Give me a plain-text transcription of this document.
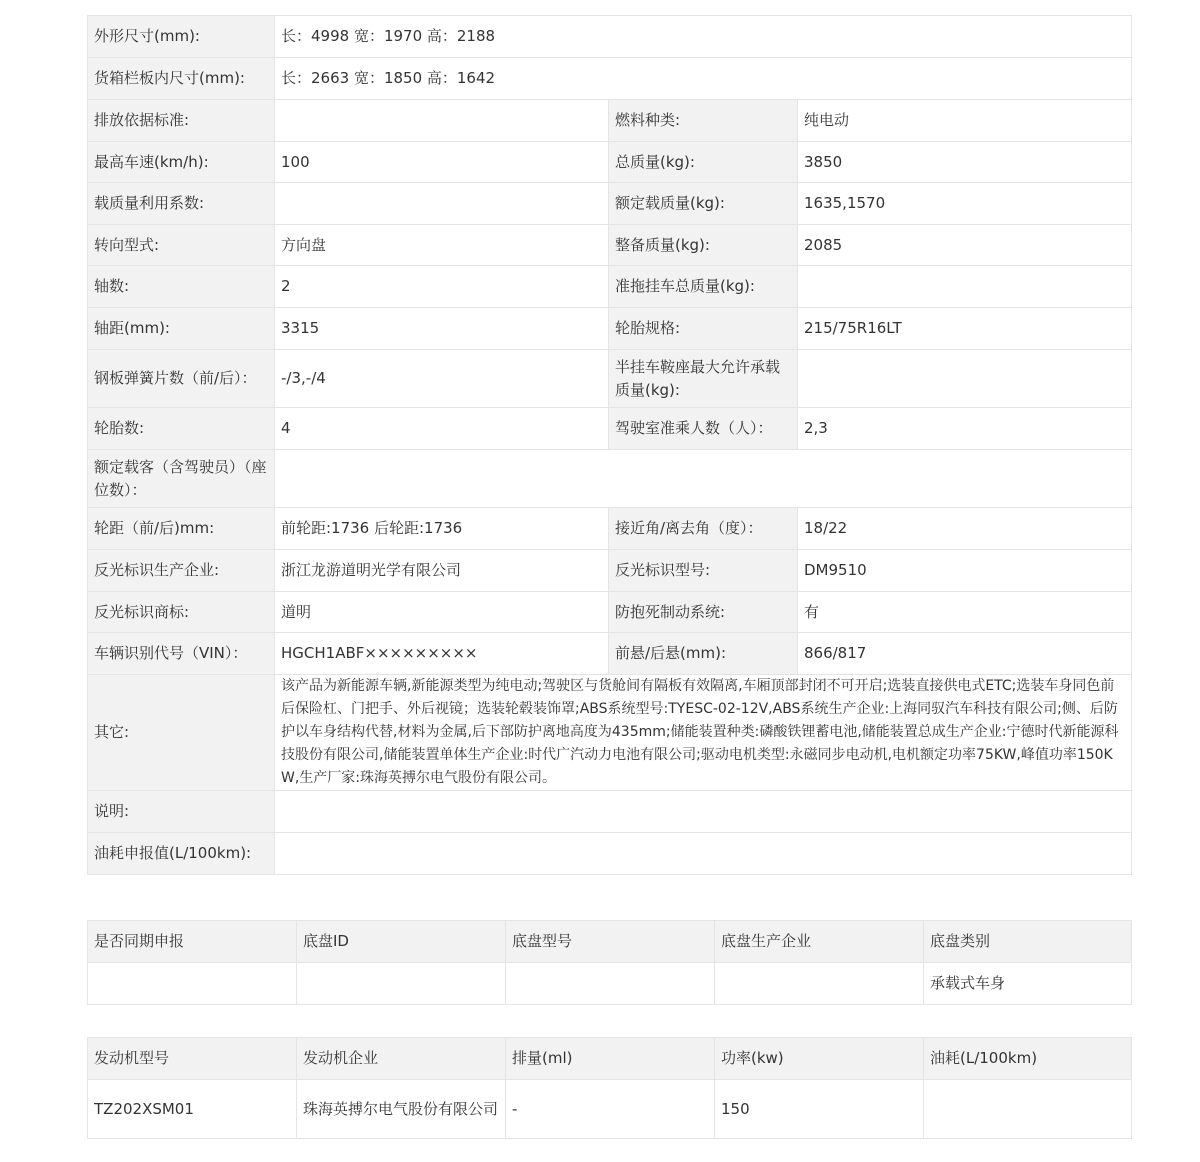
外形尺寸(mm):	长：4998 宽：1970 高：2188		
货箱栏板内尺寸(mm):	长：2663 宽：1850 高：1642		
排放依据标准:		燃料种类:	纯电动
最高车速(km/h):	100	总质量(kg):	3850
载质量利用系数:		额定载质量(kg):	1635,1570
转向型式:	方向盘	整备质量(kg):	2085
轴数:	2	准拖挂车总质量(kg):	
轴距(mm):	3315	轮胎规格:	215/75R16LT
钢板弹簧片数（前/后）：	-/3,-/4	半挂车鞍座最大允许承载质量(kg):	
轮胎数:	4	驾驶室准乘人数（人）：	2,3
额定载客（含驾驶员）（座位数）：			
轮距（前/后)mm:	前轮距:1736 后轮距:1736	接近角/离去角（度）：	18/22
反光标识生产企业:	浙江龙游道明光学有限公司	反光标识型号:	DM9510
反光标识商标:	道明	防抱死制动系统:	有
车辆识别代号（VIN）：	HGCH1ABF×××××××××	前悬/后悬(mm):	866/817
其它:	该产品为新能源车辆,新能源类型为纯电动;驾驶区与货舱间有隔板有效隔离,车厢顶部封闭不可开启;选装直接供电式ETC;选装车身同色前后保险杠、门把手、外后视镜；选装轮毂装饰罩;ABS系统型号:TYESC-02-12V,ABS系统生产企业:上海同驭汽车科技有限公司;侧、后防护以车身结构代替,材料为金属,后下部防护离地高度为435mm;储能装置种类:磷酸铁锂蓄电池,储能装置总成生产企业:宁德时代新能源科技股份有限公司,储能装置单体生产企业:时代广汽动力电池有限公司;驱动电机类型:永磁同步电动机,电机额定功率75KW,峰值功率150KW,生产厂家:珠海英搏尔电气股份有限公司。		
说明:			
油耗申报值(L/100km):			
是否同期申报	底盘ID	底盘型号	底盘生产企业	底盘类别
				承载式车身
发动机型号	发动机企业	排量(ml)	功率(kw)	油耗(L/100km)
TZ202XSM01	珠海英搏尔电气股份有限公司	-	150	
